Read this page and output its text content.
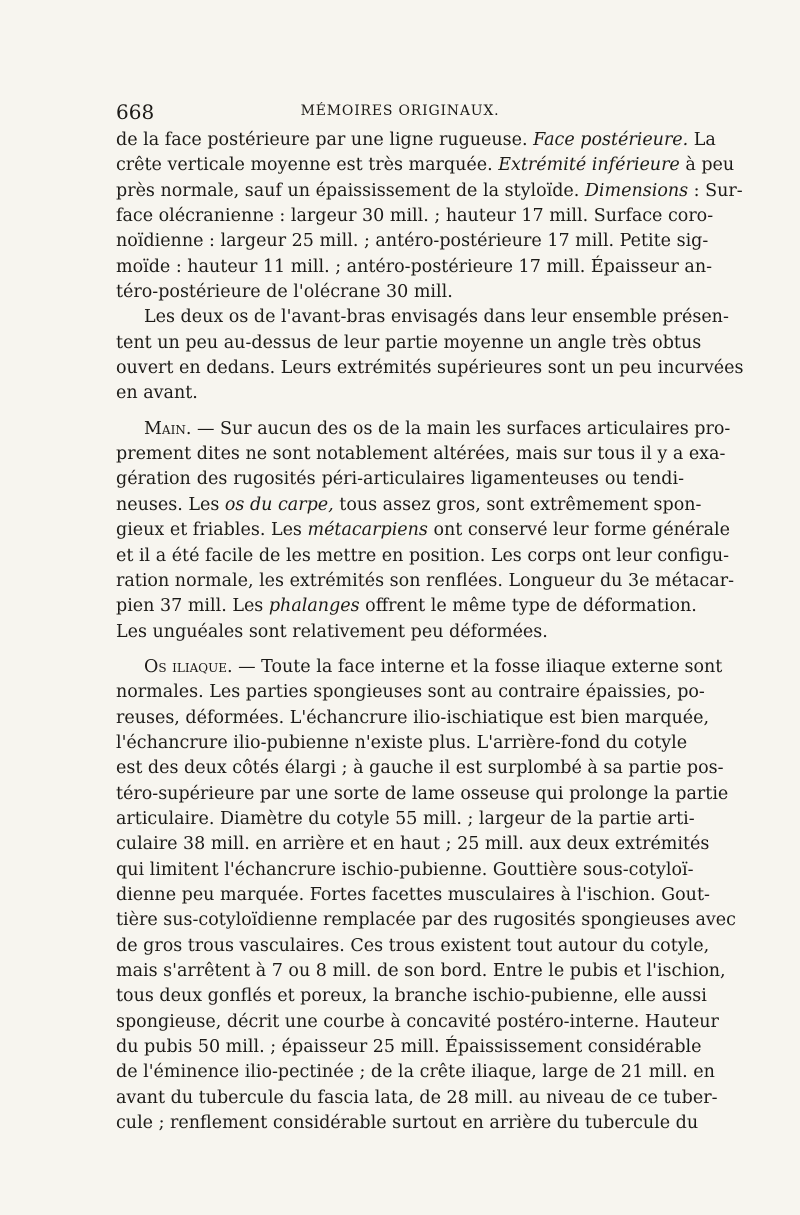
668	MÉMOIRES ORIGINAUX.
de la face postérieure par une ligne rugueuse. Face postérieure. La
crête verticale moyenne est très marquée. Extrémité inférieure à peu
près normale, sauf un épaississement de la styloïde. Dimensions : Sur-
face olécranienne : largeur 30 mill. ; hauteur 17 mill. Surface coro-
noïdienne : largeur 25 mill. ; antéro-postérieure 17 mill. Petite sig-
moïde : hauteur 11 mill. ; antéro-postérieure 17 mill. Épaisseur an-
téro-postérieure de l'olécrane 30 mill.
Les deux os de l'avant-bras envisagés dans leur ensemble présen-
tent un peu au-dessus de leur partie moyenne un angle très obtus
ouvert en dedans. Leurs extrémités supérieures sont un peu incurvées
en avant.
Main. — Sur aucun des os de la main les surfaces articulaires pro-
prement dites ne sont notablement altérées, mais sur tous il y a exa-
gération des rugosités péri-articulaires ligamenteuses ou tendi-
neuses. Les os du carpe, tous assez gros, sont extrêmement spon-
gieux et friables. Les métacarpiens ont conservé leur forme générale
et il a été facile de les mettre en position. Les corps ont leur configu-
ration normale, les extrémités son renflées. Longueur du 3e métacar-
pien 37 mill. Les phalanges offrent le même type de déformation.
Les unguéales sont relativement peu déformées.
Os iliaque. — Toute la face interne et la fosse iliaque externe sont
normales. Les parties spongieuses sont au contraire épaissies, po-
reuses, déformées. L'échancrure ilio-ischiatique est bien marquée,
l'échancrure ilio-pubienne n'existe plus. L'arrière-fond du cotyle
est des deux côtés élargi ; à gauche il est surplombé à sa partie pos-
téro-supérieure par une sorte de lame osseuse qui prolonge la partie
articulaire. Diamètre du cotyle 55 mill. ; largeur de la partie arti-
culaire 38 mill. en arrière et en haut ; 25 mill. aux deux extrémités
qui limitent l'échancrure ischio-pubienne. Gouttière sous-cotyloï-
dienne peu marquée. Fortes facettes musculaires à l'ischion. Gout-
tière sus-cotyloïdienne remplacée par des rugosités spongieuses avec
de gros trous vasculaires. Ces trous existent tout autour du cotyle,
mais s'arrêtent à 7 ou 8 mill. de son bord. Entre le pubis et l'ischion,
tous deux gonflés et poreux, la branche ischio-pubienne, elle aussi
spongieuse, décrit une courbe à concavité postéro-interne. Hauteur
du pubis 50 mill. ; épaisseur 25 mill. Épaississement considérable
de l'éminence ilio-pectinée ; de la crête iliaque, large de 21 mill. en
avant du tubercule du fascia lata, de 28 mill. au niveau de ce tuber-
cule ; renflement considérable surtout en arrière du tubercule du
